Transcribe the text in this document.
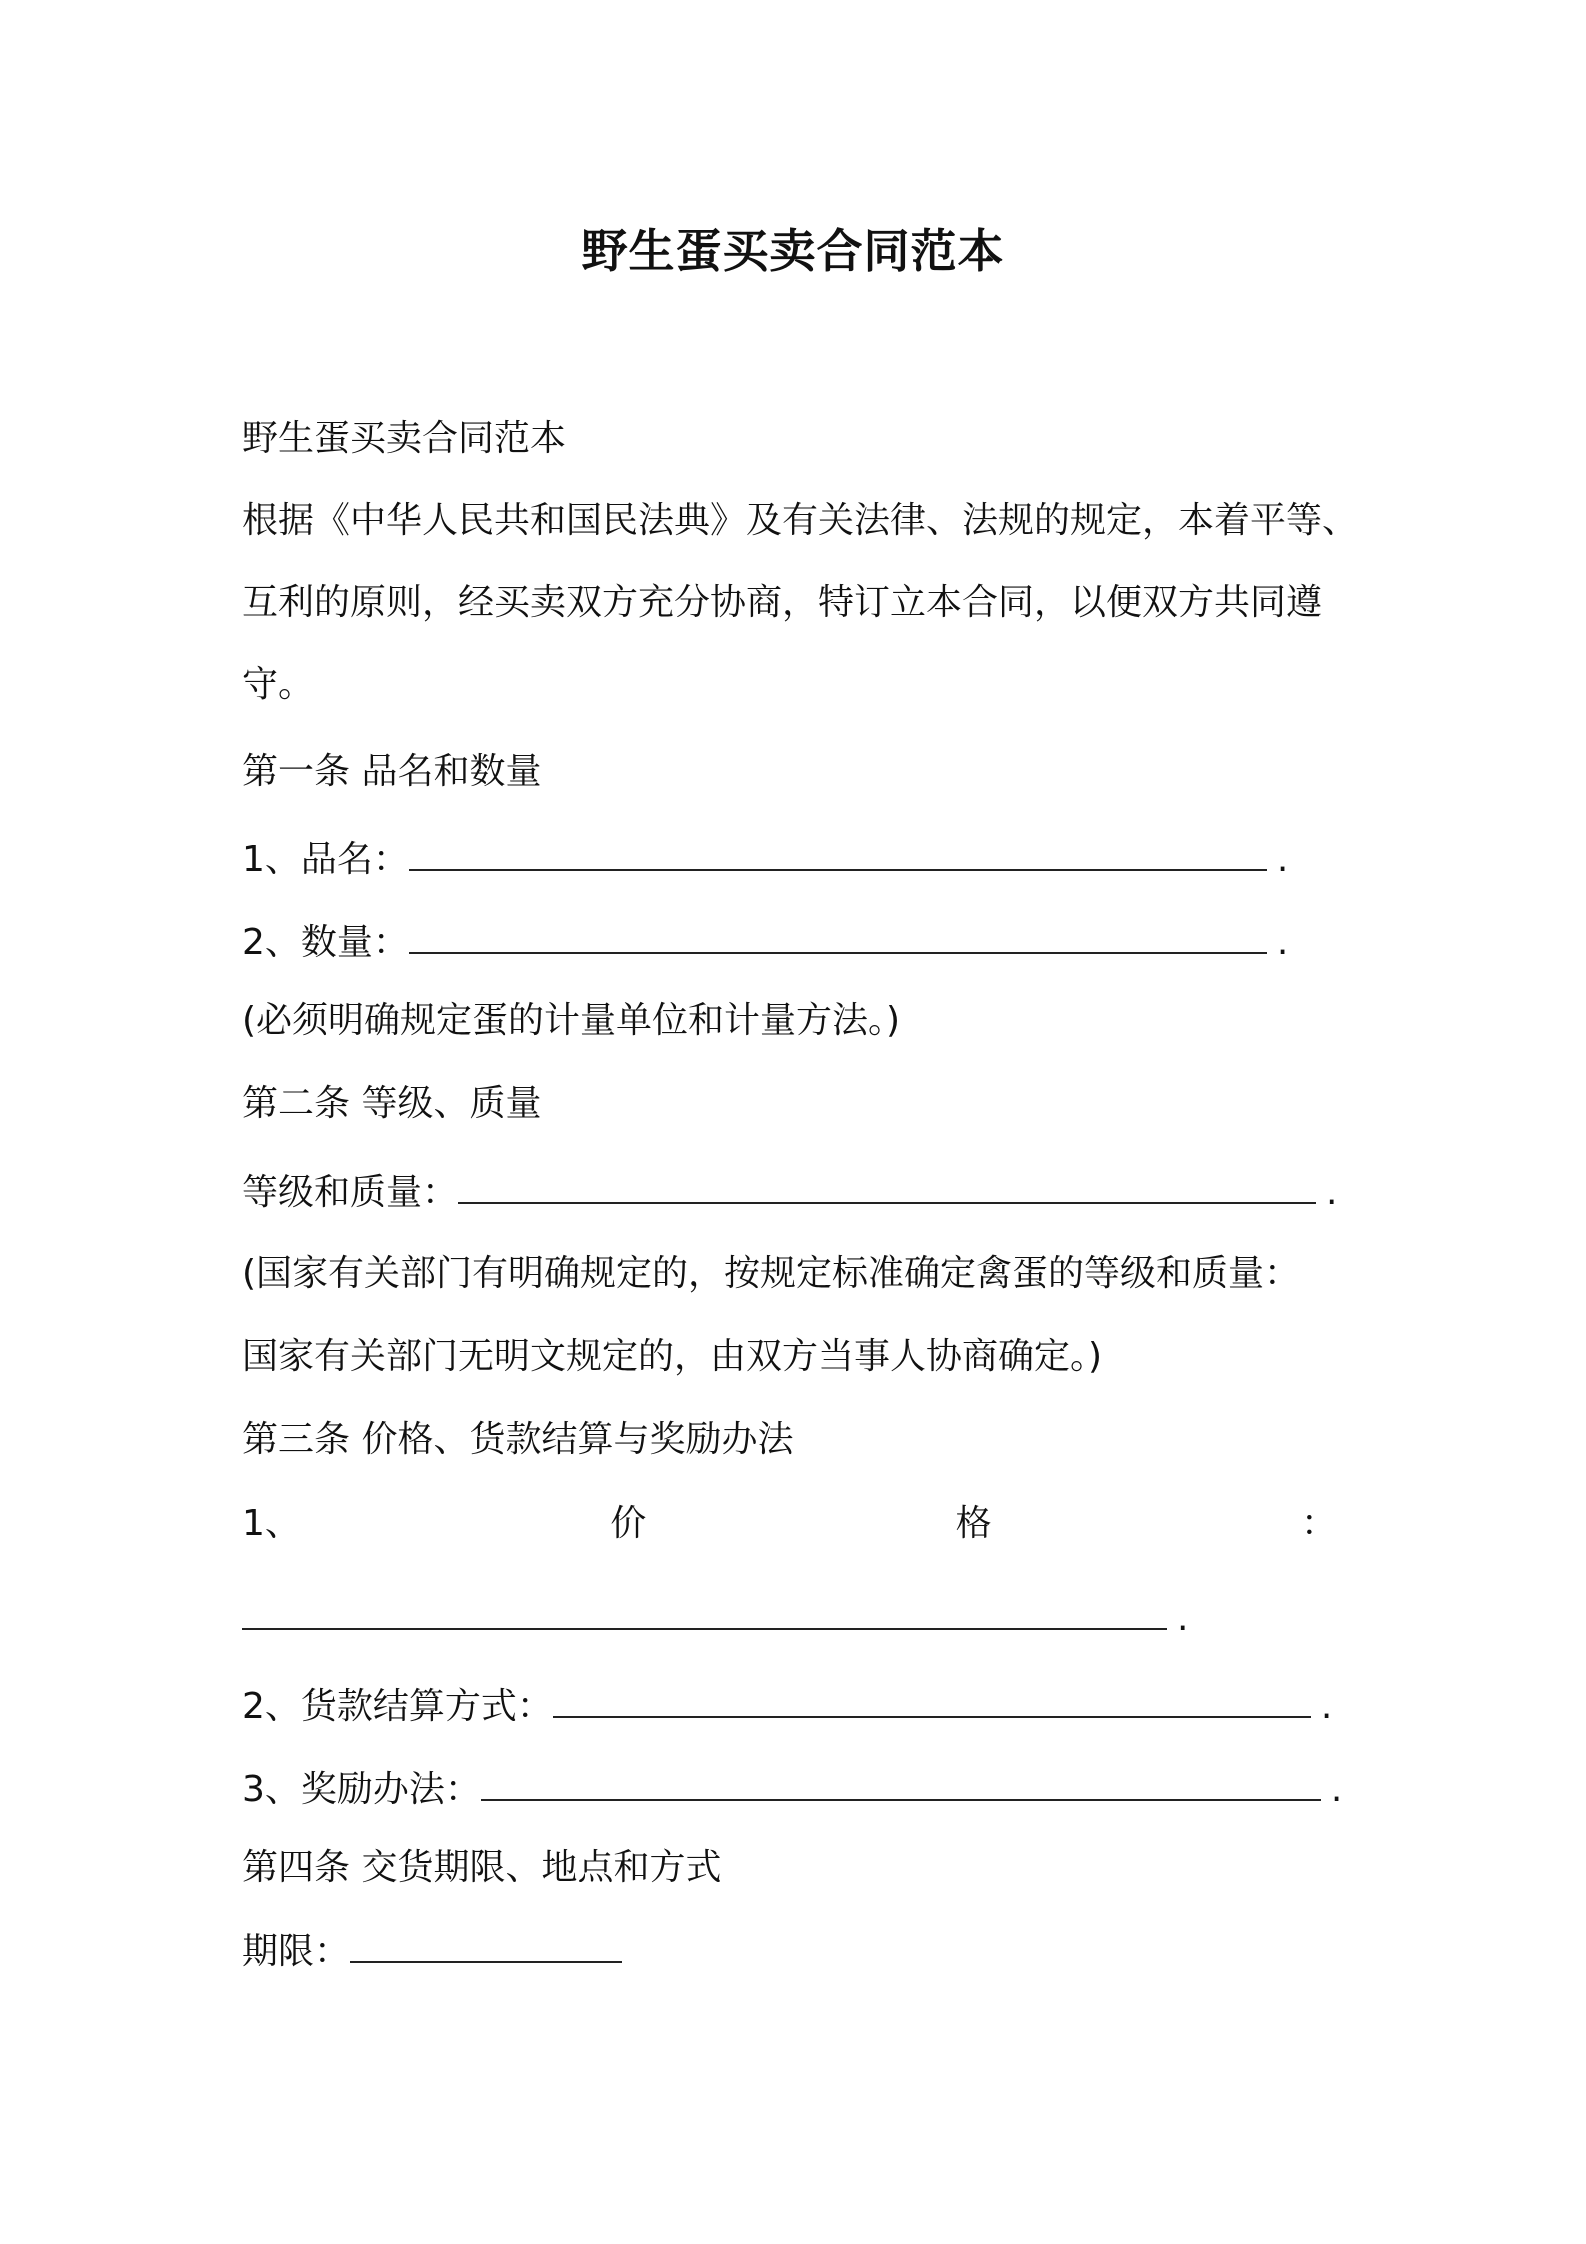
野生蛋买卖合同范本
野生蛋买卖合同范本
根据《中华人民共和国民法典》及有关法律、法规的规定，本着平等、
互利的原则，经买卖双方充分协商，特订立本合同，以便双方共同遵
守。
第一条 品名和数量
1、品名：	.
2、数量：	.
(必须明确规定蛋的计量单位和计量方法。)
第二条 等级、质量
等级和质量：	.
(国家有关部门有明确规定的，按规定标准确定禽蛋的等级和质量：
国家有关部门无明文规定的，由双方当事人协商确定。)
第三条 价格、货款结算与奖励办法
1、	价	格	：
.
2、货款结算方式：	.
3、奖励办法：	.
第四条 交货期限、地点和方式
期限：
